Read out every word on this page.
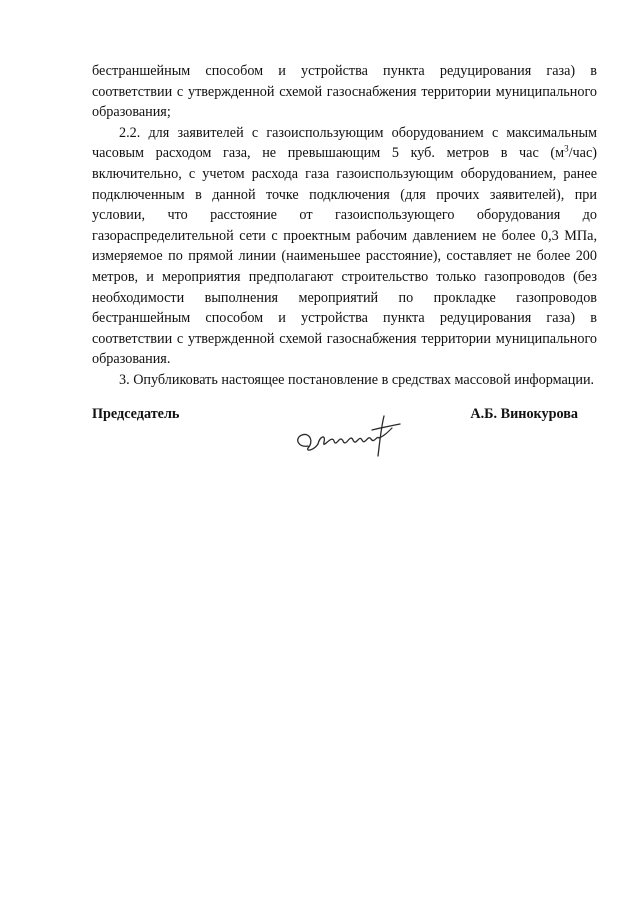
бестраншейным способом и устройства пункта редуцирования газа) в соответствии с утвержденной схемой газоснабжения территории муниципального образования;

2.2. для заявителей с газоиспользующим оборудованием с максимальным часовым расходом газа, не превышающим 5 куб. метров в час $(м^3/час)$ включительно, с учетом расхода газа газоиспользующим оборудованием, ранее подключенным в данной точке подключения (для прочих заявителей), при условии, что расстояние от газоиспользующего оборудования до газораспределительной сети с проектным рабочим давлением не более 0,3 МПа, измеряемое по прямой линии (наименьшее расстояние), составляет не более 200 метров, и мероприятия предполагают строительство только газопроводов (без необходимости выполнения мероприятий по прокладке газопроводов бестраншейным способом и устройства пункта редуцирования газа) в соответствии с утвержденной схемой газоснабжения территории муниципального образования.

3. Опубликовать настоящее постановление в средствах массовой информации.

Председатель	А.Б. Винокурова
